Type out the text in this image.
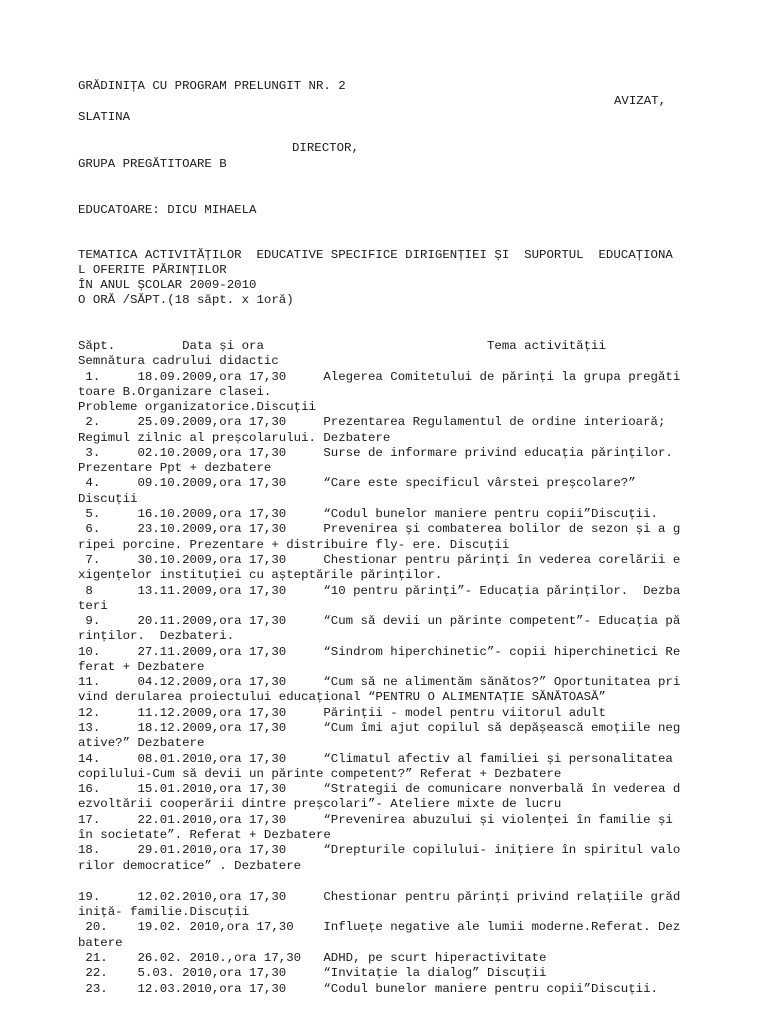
GRĂDINIȚA CU PROGRAM PRELUNGIT NR. 2
AVIZAT,
SLATINA
DIRECTOR,
GRUPA PREGĂTITOARE B
EDUCATOARE: DICU MIHAELA
TEMATICA ACTIVITĂȚILOR  EDUCATIVE SPECIFICE DIRIGENȚIEI ȘI  SUPORTUL  EDUCAȚIONA
L OFERITE PĂRINȚILOR
ÎN ANUL ȘCOLAR 2009-2010
O ORĂ /SĂPT.(18 săpt. x 1oră)
Săpt.         Data și ora                              Tema activității
Semnătura cadrului didactic
1.     18.09.2009,ora 17,30     Alegerea Comitetului de părinți la grupa pregăti
toare B.Organizare clasei.
Probleme organizatorice.Discuții
2.     25.09.2009,ora 17,30     Prezentarea Regulamentul de ordine interioară;
Regimul zilnic al preșcolarului. Dezbatere
3.     02.10.2009,ora 17,30     Surse de informare privind educația părinților.
Prezentare Ppt + dezbatere
4.     09.10.2009,ora 17,30     “Care este specificul vârstei preșcolare?”
Discuții
5.     16.10.2009,ora 17,30     “Codul bunelor maniere pentru copii”Discuții.
6.     23.10.2009,ora 17,30     Prevenirea și combaterea bolilor de sezon și a g
ripei porcine. Prezentare + distribuire fly- ere. Discuții
7.     30.10.2009,ora 17,30     Chestionar pentru părinți în vederea corelării e
xigențelor instituției cu așteptările părinților.
8      13.11.2009,ora 17,30     “10 pentru părinți”- Educația părinților.  Dezba
teri
9.     20.11.2009,ora 17,30     “Cum să devii un părinte competent”- Educația pă
rinților.  Dezbateri.
10.     27.11.2009,ora 17,30     “Sindrom hiperchinetic”- copii hiperchinetici Re
ferat + Dezbatere
11.     04.12.2009,ora 17,30     “Cum să ne alimentăm sănătos?” Oportunitatea pri
vind derularea proiectului educațional “PENTRU O ALIMENTAȚIE SĂNĂTOASĂ”
12.     11.12.2009,ora 17,30     Părinții - model pentru viitorul adult
13.     18.12.2009,ora 17,30     “Cum îmi ajut copilul să depășească emoțiile neg
ative?” Dezbatere
14.     08.01.2010,ora 17,30     “Climatul afectiv al familiei și personalitatea
copilului-Cum să devii un părinte competent?” Referat + Dezbatere
16.     15.01.2010,ora 17,30     “Strategii de comunicare nonverbală în vederea d
ezvoltării cooperării dintre preșcolari”- Ateliere mixte de lucru
17.     22.01.2010,ora 17,30     “Prevenirea abuzului și violenței în familie și
în societate”. Referat + Dezbatere
18.     29.01.2010,ora 17,30     “Drepturile copilului- inițiere în spiritul valo
rilor democratice” . Dezbatere
19.     12.02.2010,ora 17,30     Chestionar pentru părinți privind relațiile grăd
iniță- familie.Discuții
20.    19.02. 2010,ora 17,30    Influețe negative ale lumii moderne.Referat. Dez
batere
21.    26.02. 2010.,ora 17,30   ADHD, pe scurt hiperactivitate
22.    5.03. 2010,ora 17,30     “Invitație la dialog” Discuții
23.    12.03.2010,ora 17,30     “Codul bunelor maniere pentru copii”Discuții.
